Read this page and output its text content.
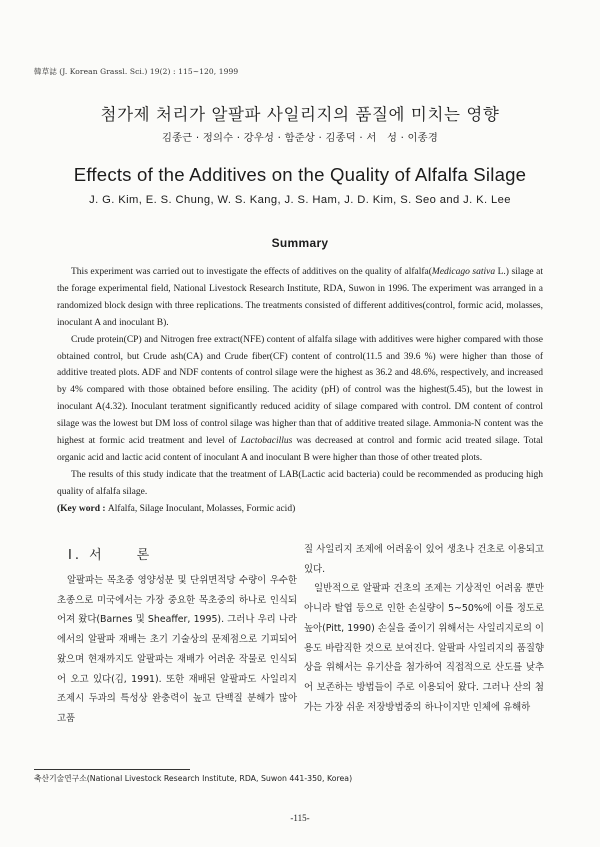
韓草誌 (J. Korean Grassl. Sci.) 19(2) : 115~120, 1999
첨가제 처리가 알팔파 사일리지의 품질에 미치는 영향
김종근 · 정의수 · 강우성 · 함준상 · 김종덕 · 서　성 · 이종경
Effects of the Additives on the Quality of Alfalfa Silage
J. G. Kim, E. S. Chung, W. S. Kang, J. S. Ham, J. D. Kim, S. Seo and J. K. Lee
Summary

This experiment was carried out to investigate the effects of additives on the quality of alfalfa(Medicago sativa L.) silage at the forage experimental field, National Livestock Research Institute, RDA, Suwon in 1996. The experiment was arranged in a randomized block design with three replications. The treatments consisted of different additives(control, formic acid, molasses, inoculant A and inoculant B).

Crude protein(CP) and Nitrogen free extract(NFE) content of alfalfa silage with additives were higher compared with those obtained control, but Crude ash(CA) and Crude fiber(CF) content of control(11.5 and 39.6 %) were higher than those of additive treated plots. ADF and NDF contents of control silage were the highest as 36.2 and 48.6%, respectively, and increased by 4% compared with those obtained before ensiling. The acidity (pH) of control was the highest(5.45), but the lowest in inoculant A(4.32). Inoculant teratment significantly reduced acidity of silage compared with control. DM content of control silage was the lowest but DM loss of control silage was higher than that of additive treated silage. Ammonia-N content was the highest at formic acid treatment and level of Lactobacillus was decreased at control and formic acid treated silage. Total organic acid and lactic acid content of inoculant A and inoculant B were higher than those of other treated plots.

The results of this study indicate that the treatment of LAB(Lactic acid bacteria) could be recommended as producing high quality of alfalfa silage.

(Key word : Alfalfa, Silage Inoculant, Molasses, Formic acid)

I. 서　　론

알팔파는 목초중 영양성분 및 단위면적당 수량이 우수한 초종으로 미국에서는 가장 중요한 목초중의 하나로 인식되어져 왔다(Barnes 및 Sheaffer, 1995). 그러나 우리 나라에서의 알팔파 재배는 초기 기술상의 문제점으로 기피되어 왔으며 현재까지도 알팔파는 재배가 어려운 작물로 인식되어 오고 있다(김, 1991). 또한 재배된 알팔파도 사일리지 조제시 두과의 특성상 완충력이 높고 단백질 분해가 많아 고품

질 사일리지 조제에 어려움이 있어 생초나 건초로 이용되고 있다.

일반적으로 알팔파 건초의 조제는 기상적인 어려움 뿐만 아니라 탈엽 등으로 인한 손실량이 5~50%에 이를 정도로 높아(Pitt, 1990) 손실을 줄이기 위해서는 사일리지로의 이용도 바람직한 것으로 보여진다. 알팔파 사일리지의 품질향상을 위해서는 유기산을 첨가하여 직접적으로 산도를 낮추어 보존하는 방법들이 주로 이용되어 왔다. 그러나 산의 첨가는 가장 쉬운 저장방법중의 하나이지만 인체에 유해하

축산기술연구소(National Livestock Research Institute, RDA, Suwon 441-350, Korea)
-115-
